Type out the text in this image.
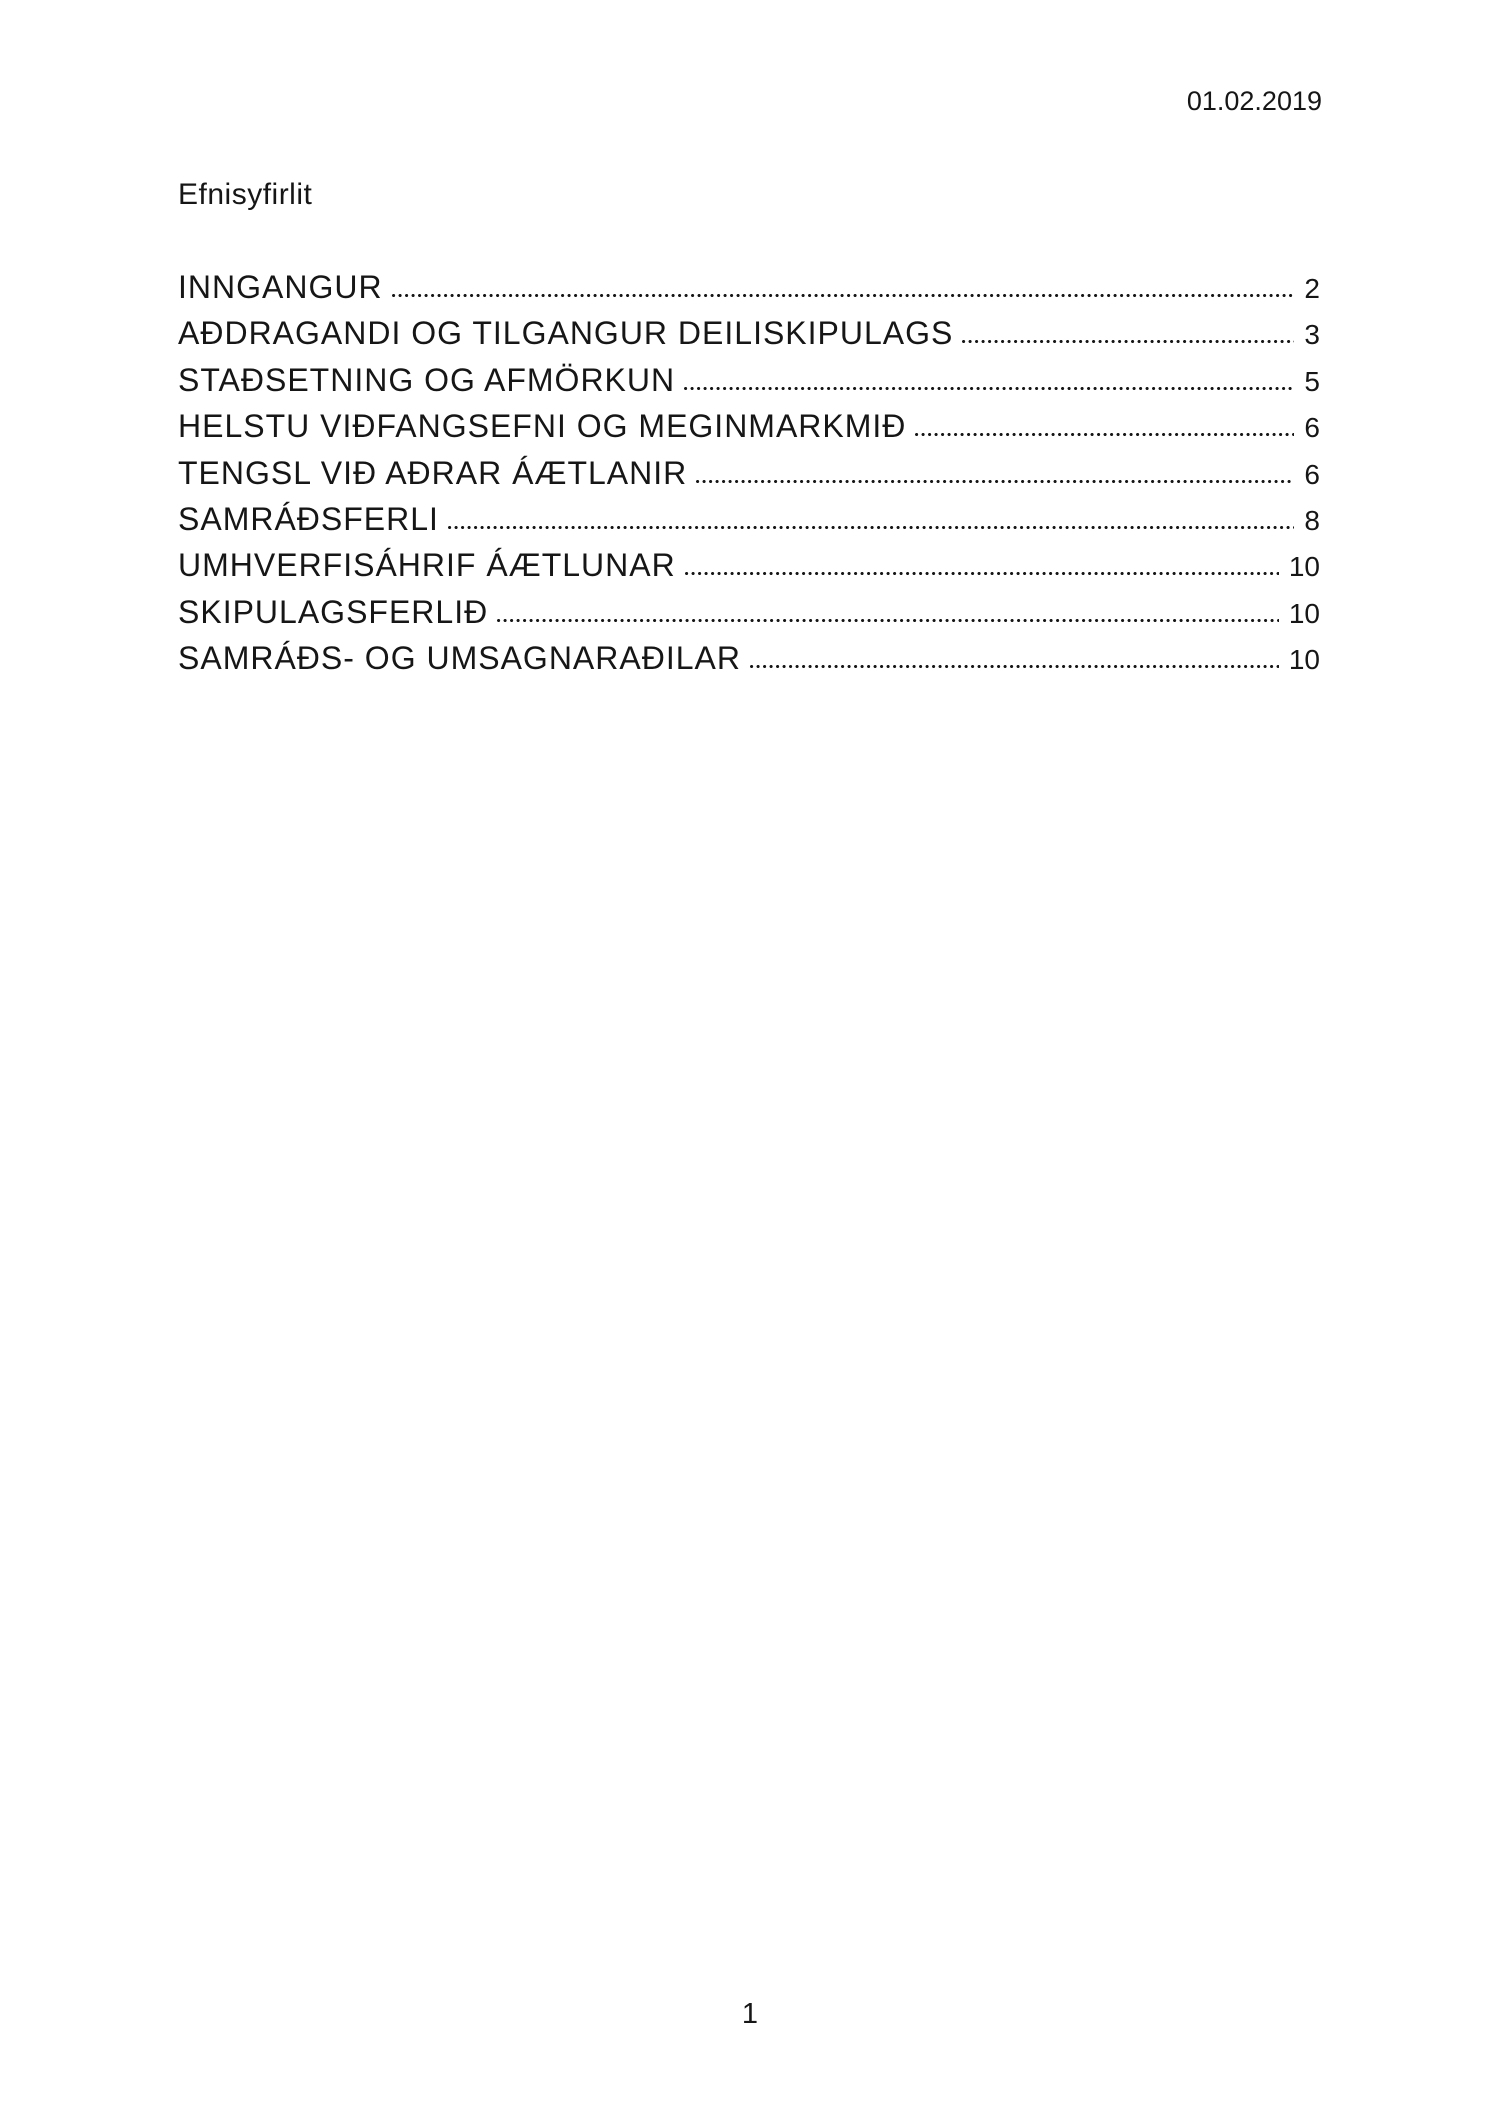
01.02.2019
Efnisyfirlit
INNGANGUR	2
AÐDRAGANDI OG TILGANGUR DEILISKIPULAGS	3
STAÐSETNING OG AFMÖRKUN	5
HELSTU VIÐFANGSEFNI OG MEGINMARKMIÐ	6
TENGSL VIÐ AÐRAR ÁÆTLANIR	6
SAMRÁÐSFERLI	8
UMHVERFISÁHRIF ÁÆTLUNAR	10
SKIPULAGSFERLIÐ	10
SAMRÁÐS- OG UMSAGNARAÐILAR	10
1
